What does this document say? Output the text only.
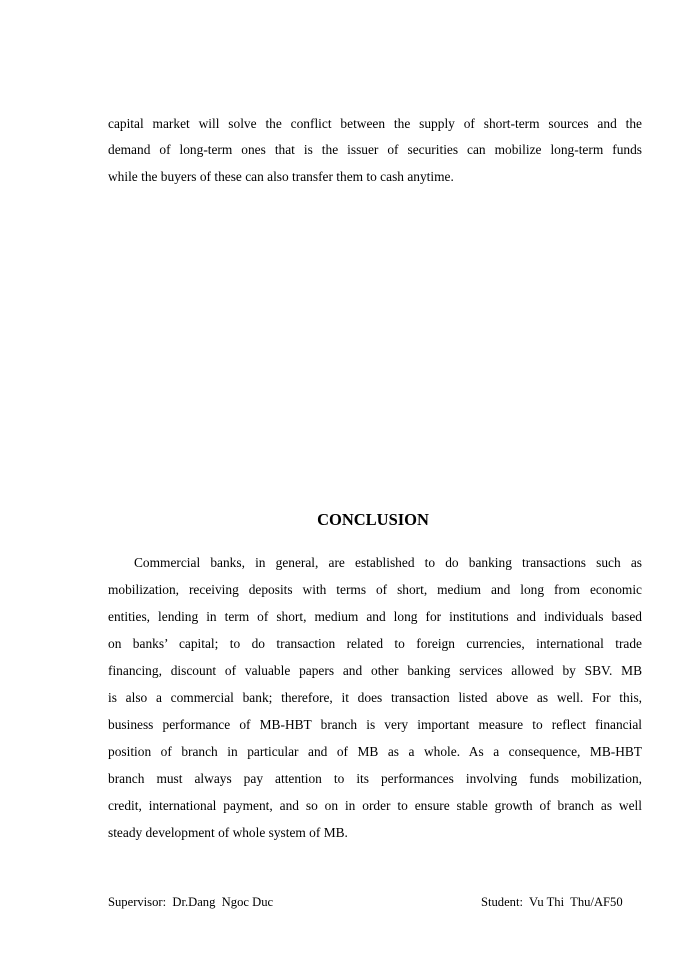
capital market will solve the conflict between the supply of short-term sources and the
demand of long-term ones that is the issuer of securities can mobilize long-term funds
while the buyers of these can also transfer them to cash anytime.
CONCLUSION
Commercial banks, in general, are established to do banking transactions such as
mobilization, receiving deposits with terms of short, medium and long from economic
entities, lending in term of short, medium and long for institutions and individuals based
on banks’ capital; to do transaction related to foreign currencies, international trade
financing, discount of valuable papers and other banking services allowed by SBV. MB
is also a commercial bank; therefore, it does transaction listed above as well. For this,
business performance of MB-HBT branch is very important measure to reflect financial
position of branch in particular and of MB as a whole. As a consequence, MB-HBT
branch must always pay attention to its performances involving funds mobilization,
credit, international payment, and so on in order to ensure stable growth of branch as well
steady development of whole system of MB.
Supervisor:  Dr.Dang  Ngoc Duc	Student:  Vu Thi  Thu/AF50
